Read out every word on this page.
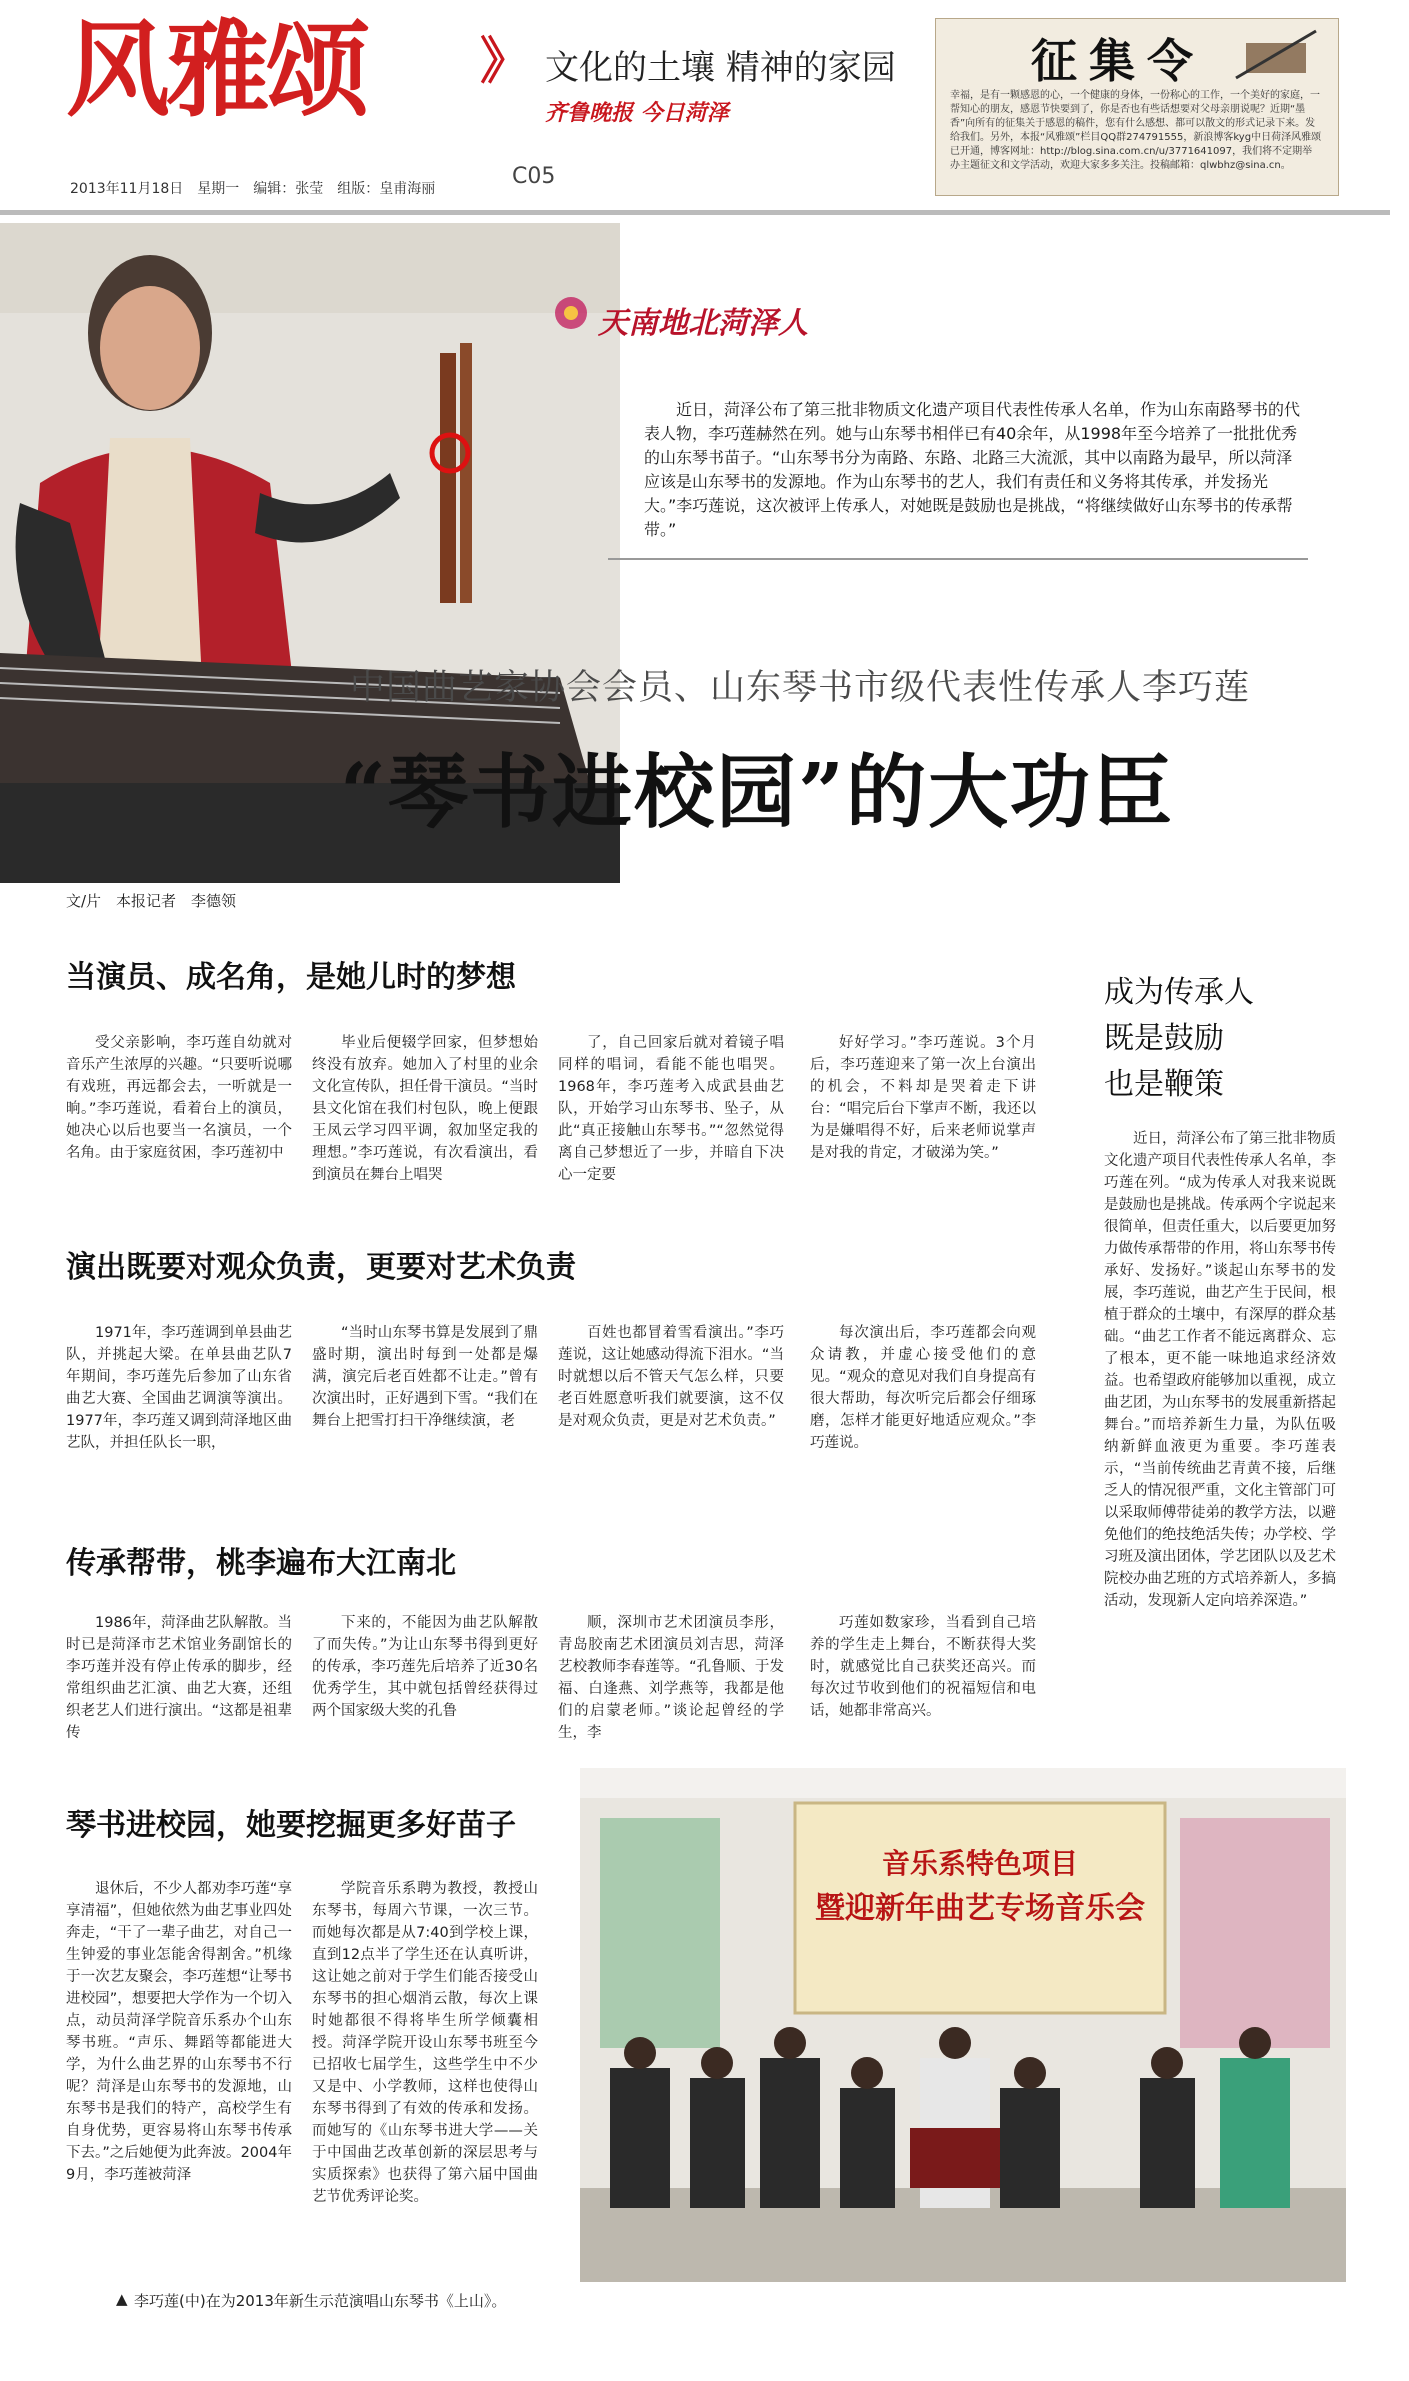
风雅颂 》 文化的土壤 精神的家园
齐鲁晚报 今日菏泽
2013年11月18日　星期一　编辑：张莹　组版：皇甫海丽	C05
征集令
幸福，是有一颗感恩的心，一个健康的身体，一份称心的工作，一个美好的家庭，一帮知心的朋友，感恩节快要到了，你是否也有些话想要对父母亲朋说呢？近期“墨香”向所有的征集关于感恩的稿件，您有什么感想、都可以散文的形式记录下来。发给我们。另外，本报“风雅颂”栏目QQ群274791555，新浪博客kyg中日荷泽风雅颂已开通，博客网址：http://blog.sina.com.cn/u/3771641097，我们将不定期举办主题征文和文学活动，欢迎大家多多关注。投稿邮箱：qlwbhz@sina.cn。
天南地北菏泽人
近日，菏泽公布了第三批非物质文化遗产项目代表性传承人名单，作为山东南路琴书的代表人物，李巧莲赫然在列。她与山东琴书相伴已有40余年，从1998年至今培养了一批批优秀的山东琴书苗子。“山东琴书分为南路、东路、北路三大流派，其中以南路为最早，所以菏泽应该是山东琴书的发源地。作为山东琴书的艺人，我们有责任和义务将其传承，并发扬光大。”李巧莲说，这次被评上传承人，对她既是鼓励也是挑战，“将继续做好山东琴书的传承帮带。”
中国曲艺家协会会员、山东琴书市级代表性传承人李巧莲
“琴书进校园”的大功臣
文/片　本报记者　李德领
当演员、成名角，是她儿时的梦想
受父亲影响，李巧莲自幼就对音乐产生浓厚的兴趣。“只要听说哪有戏班，再远都会去，一听就是一晌。”李巧莲说，看着台上的演员，她决心以后也要当一名演员，一个名角。由于家庭贫困，李巧莲初中
毕业后便辍学回家，但梦想始终没有放弃。她加入了村里的业余文化宣传队，担任骨干演员。“当时县文化馆在我们村包队，晚上便跟王凤云学习四平调，叙加坚定我的理想。”李巧莲说，有次看演出，看到演员在舞台上唱哭
了，自己回家后就对着镜子唱同样的唱词，看能不能也唱哭。1968年，李巧莲考入成武县曲艺队，开始学习山东琴书、坠子，从此“真正接触山东琴书。”“忽然觉得离自己梦想近了一步，并暗自下决心一定要
好好学习。”李巧莲说。3个月后，李巧莲迎来了第一次上台演出的机会，不料却是哭着走下讲台：“唱完后台下掌声不断，我还以为是嫌唱得不好，后来老师说掌声是对我的肯定，才破涕为笑。”
演出既要对观众负责，更要对艺术负责
1971年，李巧莲调到单县曲艺队，并挑起大梁。在单县曲艺队7年期间，李巧莲先后参加了山东省曲艺大赛、全国曲艺调演等演出。1977年，李巧莲又调到菏泽地区曲艺队，并担任队长一职，
“当时山东琴书算是发展到了鼎盛时期，演出时每到一处都是爆满，演完后老百姓都不让走。”曾有次演出时，正好遇到下雪。“我们在舞台上把雪打扫干净继续演，老
百姓也都冒着雪看演出。”李巧莲说，这让她感动得流下泪水。“当时就想以后不管天气怎么样，只要老百姓愿意听我们就要演，这不仅是对观众负责，更是对艺术负责。”
每次演出后，李巧莲都会向观众请教，并虚心接受他们的意见。“观众的意见对我们自身提高有很大帮助，每次听完后都会仔细琢磨，怎样才能更好地适应观众。”李巧莲说。
传承帮带，桃李遍布大江南北
1986年，菏泽曲艺队解散。当时已是菏泽市艺术馆业务副馆长的李巧莲并没有停止传承的脚步，经常组织曲艺汇演、曲艺大赛，还组织老艺人们进行演出。“这都是祖辈传
下来的，不能因为曲艺队解散了而失传。”为让山东琴书得到更好的传承，李巧莲先后培养了近30名优秀学生，其中就包括曾经获得过两个国家级大奖的孔鲁
顺，深圳市艺术团演员李彤，青岛胶南艺术团演员刘吉思，菏泽艺校教师李春莲等。“孔鲁顺、于发福、白逢燕、刘学燕等，我都是他们的启蒙老师。”谈论起曾经的学生，李
巧莲如数家珍，当看到自己培养的学生走上舞台，不断获得大奖时，就感觉比自己获奖还高兴。而每次过节收到他们的祝福短信和电话，她都非常高兴。
琴书进校园，她要挖掘更多好苗子
退休后，不少人都劝李巧莲“享享清福”，但她依然为曲艺事业四处奔走，“干了一辈子曲艺，对自己一生钟爱的事业怎能舍得割舍。”机缘于一次艺友聚会，李巧莲想“让琴书进校园”，想要把大学作为一个切入点，动员菏泽学院音乐系办个山东琴书班。“声乐、舞蹈等都能进大学，为什么曲艺界的山东琴书不行呢？菏泽是山东琴书的发源地，山东琴书是我们的特产，高校学生有自身优势，更容易将山东琴书传承下去。”之后她便为此奔波。2004年9月，李巧莲被菏泽
学院音乐系聘为教授，教授山东琴书，每周六节课，一次三节。而她每次都是从7:40到学校上课，直到12点半了学生还在认真听讲，这让她之前对于学生们能否接受山东琴书的担心烟消云散，每次上课时她都很不得将毕生所学倾囊相授。菏泽学院开设山东琴书班至今已招收七届学生，这些学生中不少又是中、小学教师，这样也使得山东琴书得到了有效的传承和发扬。而她写的《山东琴书进大学——关于中国曲艺改革创新的深层思考与实质探索》也获得了第六届中国曲艺节优秀评论奖。
成为传承人
既是鼓励
也是鞭策
近日，菏泽公布了第三批非物质文化遗产项目代表性传承人名单，李巧莲在列。“成为传承人对我来说既是鼓励也是挑战。传承两个字说起来很简单，但责任重大，以后要更加努力做传承帮带的作用，将山东琴书传承好、发扬好。”谈起山东琴书的发展，李巧莲说，曲艺产生于民间，根植于群众的土壤中，有深厚的群众基础。“曲艺工作者不能远离群众、忘了根本，更不能一味地追求经济效益。也希望政府能够加以重视，成立曲艺团，为山东琴书的发展重新搭起舞台。”而培养新生力量，为队伍吸纳新鲜血液更为重要。李巧莲表示，“当前传统曲艺青黄不接，后继乏人的情况很严重，文化主管部门可以采取师傅带徒弟的教学方法，以避免他们的绝技绝活失传；办学校、学习班及演出团体，学艺团队以及艺术院校办曲艺班的方式培养新人，多搞活动，发现新人定向培养深造。”
音乐系特色项目
暨迎新年曲艺专场音乐会
▲ 李巧莲(中)在为2013年新生示范演唱山东琴书《上山》。
